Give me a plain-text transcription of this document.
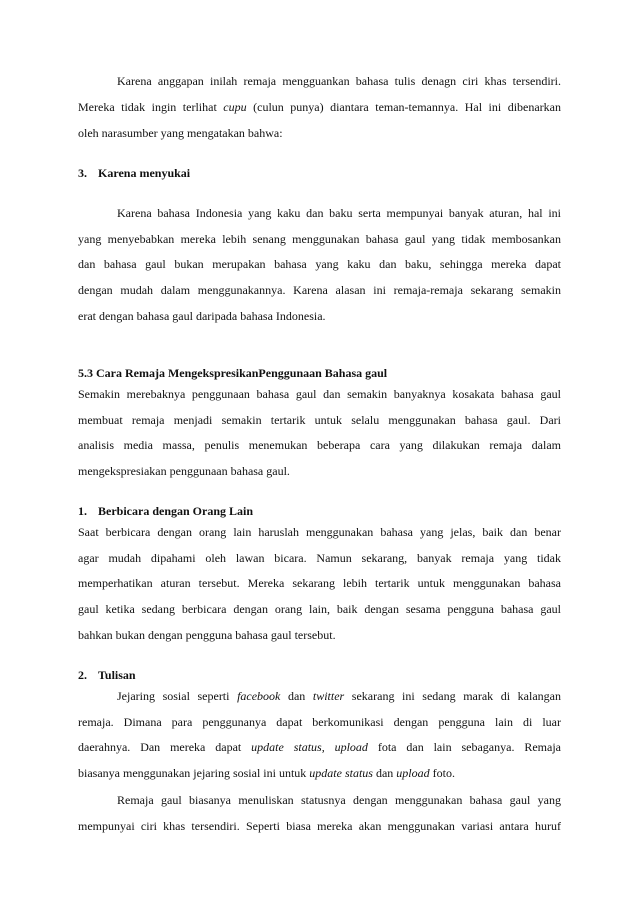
Karena anggapan inilah remaja mengguankan bahasa tulis denagn ciri khas tersendiri.
Mereka tidak ingin terlihat cupu (culun punya) diantara teman-temannya. Hal ini dibenarkan
oleh narasumber yang mengatakan bahwa:
3. Karena menyukai
Karena bahasa Indonesia yang kaku dan baku serta mempunyai banyak aturan, hal ini
yang menyebabkan mereka lebih senang menggunakan bahasa gaul yang tidak membosankan
dan bahasa gaul bukan merupakan bahasa yang kaku dan baku, sehingga mereka dapat
dengan mudah dalam menggunakannya. Karena alasan ini remaja-remaja sekarang semakin
erat dengan bahasa gaul daripada bahasa Indonesia.
5.3 Cara Remaja MengekspresikanPenggunaan Bahasa gaul
Semakin merebaknya penggunaan bahasa gaul dan semakin banyaknya kosakata bahasa gaul
membuat remaja menjadi semakin tertarik untuk selalu menggunakan bahasa gaul. Dari
analisis media massa, penulis menemukan beberapa cara yang dilakukan remaja dalam
mengekspresiakan penggunaan bahasa gaul.
1. Berbicara dengan Orang Lain
Saat berbicara dengan orang lain haruslah menggunakan bahasa yang jelas, baik dan benar
agar mudah dipahami oleh lawan bicara. Namun sekarang, banyak remaja yang tidak
memperhatikan aturan tersebut. Mereka sekarang lebih tertarik untuk menggunakan bahasa
gaul ketika sedang berbicara dengan orang lain, baik dengan sesama pengguna bahasa gaul
bahkan bukan dengan pengguna bahasa gaul tersebut.
2. Tulisan
Jejaring sosial seperti facebook dan twitter sekarang ini sedang marak di kalangan
remaja. Dimana para penggunanya dapat berkomunikasi dengan pengguna lain di luar
daerahnya. Dan mereka dapat update status, upload fota dan lain sebaganya. Remaja
biasanya menggunakan jejaring sosial ini untuk update status dan upload foto.
Remaja gaul biasanya menuliskan statusnya dengan menggunakan bahasa gaul yang
mempunyai ciri khas tersendiri. Seperti biasa mereka akan menggunakan variasi antara huruf
